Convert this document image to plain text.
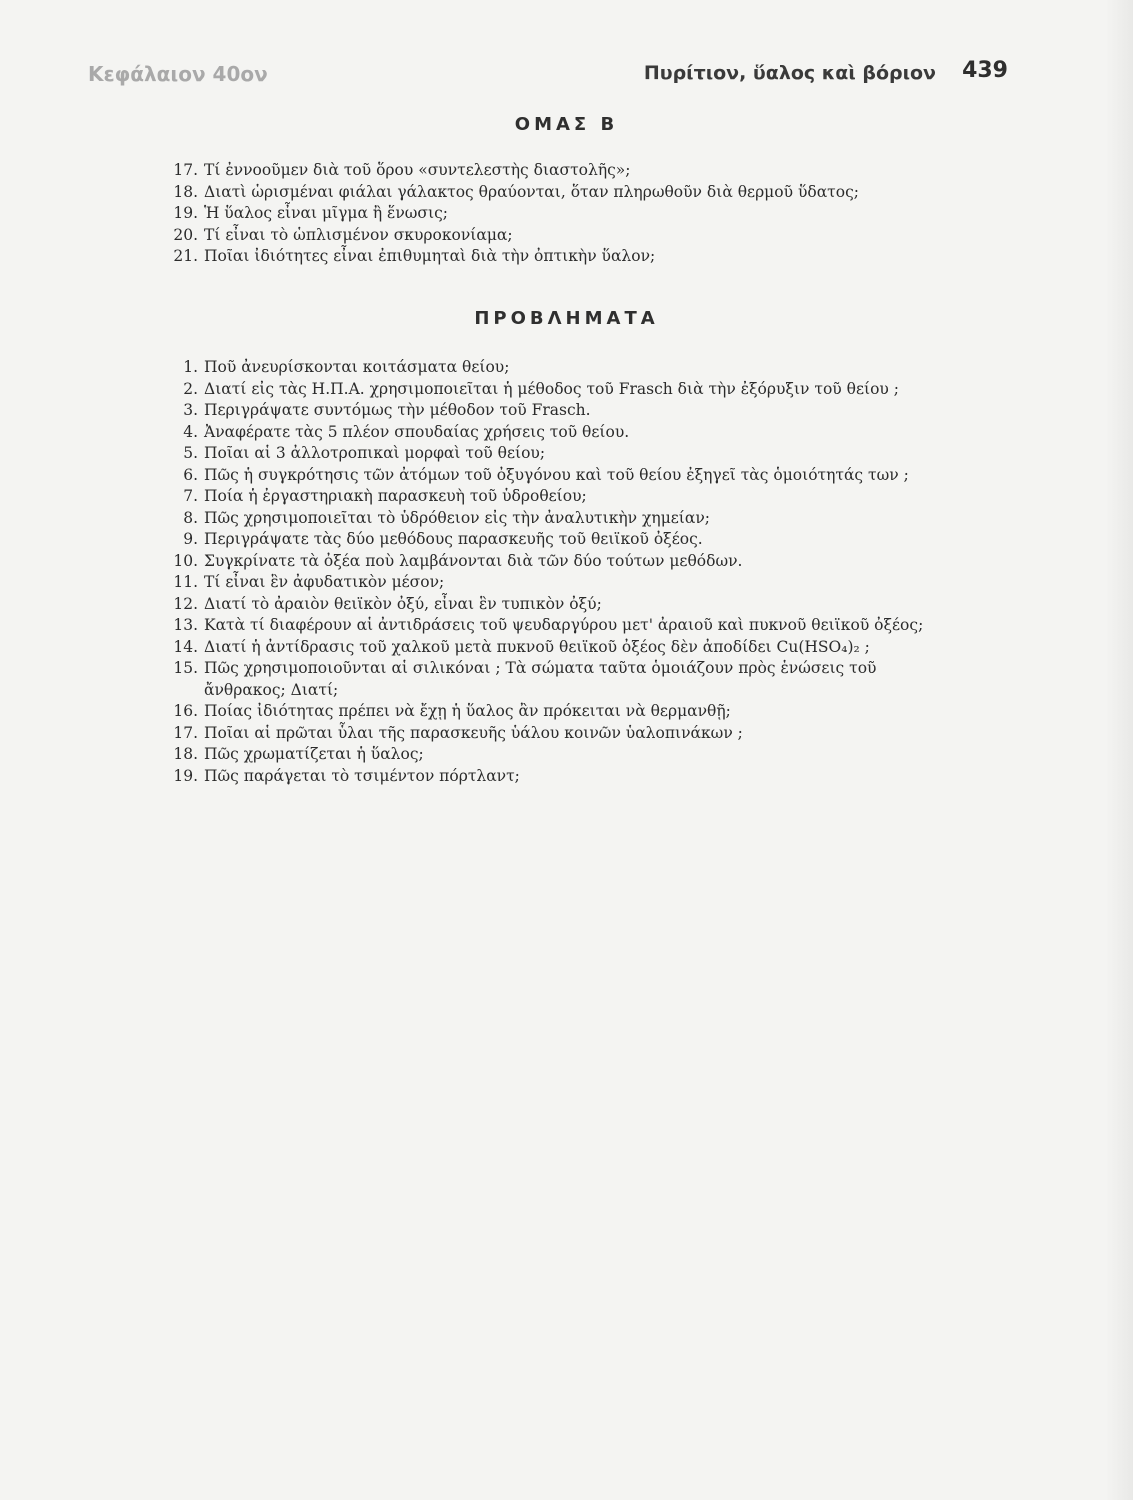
Κεφάλαιον 40ον	Πυρίτιον, ὕαλος καὶ βόριον 439
ΟΜΑΣ Β
17. Τί ἐννοοῦμεν διὰ τοῦ ὅρου «συντελεστὴς διαστολῆς»;
18. Διατὶ ὡρισμέναι φιάλαι γάλακτος θραύονται, ὅταν πληρωθοῦν διὰ θερμοῦ ὕδατος;
19. Ἡ ὕαλος εἶναι μῖγμα ἢ ἕνωσις;
20. Τί εἶναι τὸ ὡπλισμένον σκυροκονίαμα;
21. Ποῖαι ἰδιότητες εἶναι ἐπιθυμηταὶ διὰ τὴν ὀπτικὴν ὕαλον;
ΠΡΟΒΛΗΜΑΤΑ
1. Ποῦ ἀνευρίσκονται κοιτάσματα θείου;
2. Διατί εἰς τὰς Η.Π.Α. χρησιμοποιεῖται ἡ μέθοδος τοῦ Frasch διὰ τὴν ἐξόρυξιν τοῦ θείου ;
3. Περιγράψατε συντόμως τὴν μέθοδον τοῦ Frasch.
4. Ἀναφέρατε τὰς 5 πλέον σπουδαίας χρήσεις τοῦ θείου.
5. Ποῖαι αἱ 3 ἀλλοτροπικαὶ μορφαὶ τοῦ θείου;
6. Πῶς ἡ συγκρότησις τῶν ἀτόμων τοῦ ὀξυγόνου καὶ τοῦ θείου ἐξηγεῖ τὰς ὁμοιότητάς των ;
7. Ποία ἡ ἐργαστηριακὴ παρασκευὴ τοῦ ὑδροθείου;
8. Πῶς χρησιμοποιεῖται τὸ ὑδρόθειον εἰς τὴν ἀναλυτικὴν χημείαν;
9. Περιγράψατε τὰς δύο μεθόδους παρασκευῆς τοῦ θειϊκοῦ ὀξέος.
10. Συγκρίνατε τὰ ὀξέα ποὺ λαμβάνονται διὰ τῶν δύο τούτων μεθόδων.
11. Τί εἶναι ἓν ἀφυδατικὸν μέσον;
12. Διατί τὸ ἀραιὸν θειϊκὸν ὀξύ, εἶναι ἓν τυπικὸν ὀξύ;
13. Κατὰ τί διαφέρουν αἱ ἀντιδράσεις τοῦ ψευδαργύρου μετ' ἀραιοῦ καὶ πυκνοῦ θειϊκοῦ ὀξέος;
14. Διατί ἡ ἀντίδρασις τοῦ χαλκοῦ μετὰ πυκνοῦ θειϊκοῦ ὀξέος δὲν ἀποδίδει Cu(HSO₄)₂ ;
15. Πῶς χρησιμοποιοῦνται αἱ σιλικόναι ; Τὰ σώματα ταῦτα ὁμοιάζουν πρὸς ἑνώσεις τοῦ ἄνθρακος; Διατί;
16. Ποίας ἰδιότητας πρέπει νὰ ἔχῃ ἡ ὕαλος ἂν πρόκειται νὰ θερμανθῇ;
17. Ποῖαι αἱ πρῶται ὗλαι τῆς παρασκευῆς ὑάλου κοινῶν ὑαλοπινάκων ;
18. Πῶς χρωματίζεται ἡ ὕαλος;
19. Πῶς παράγεται τὸ τσιμέντον πόρτλαντ;
